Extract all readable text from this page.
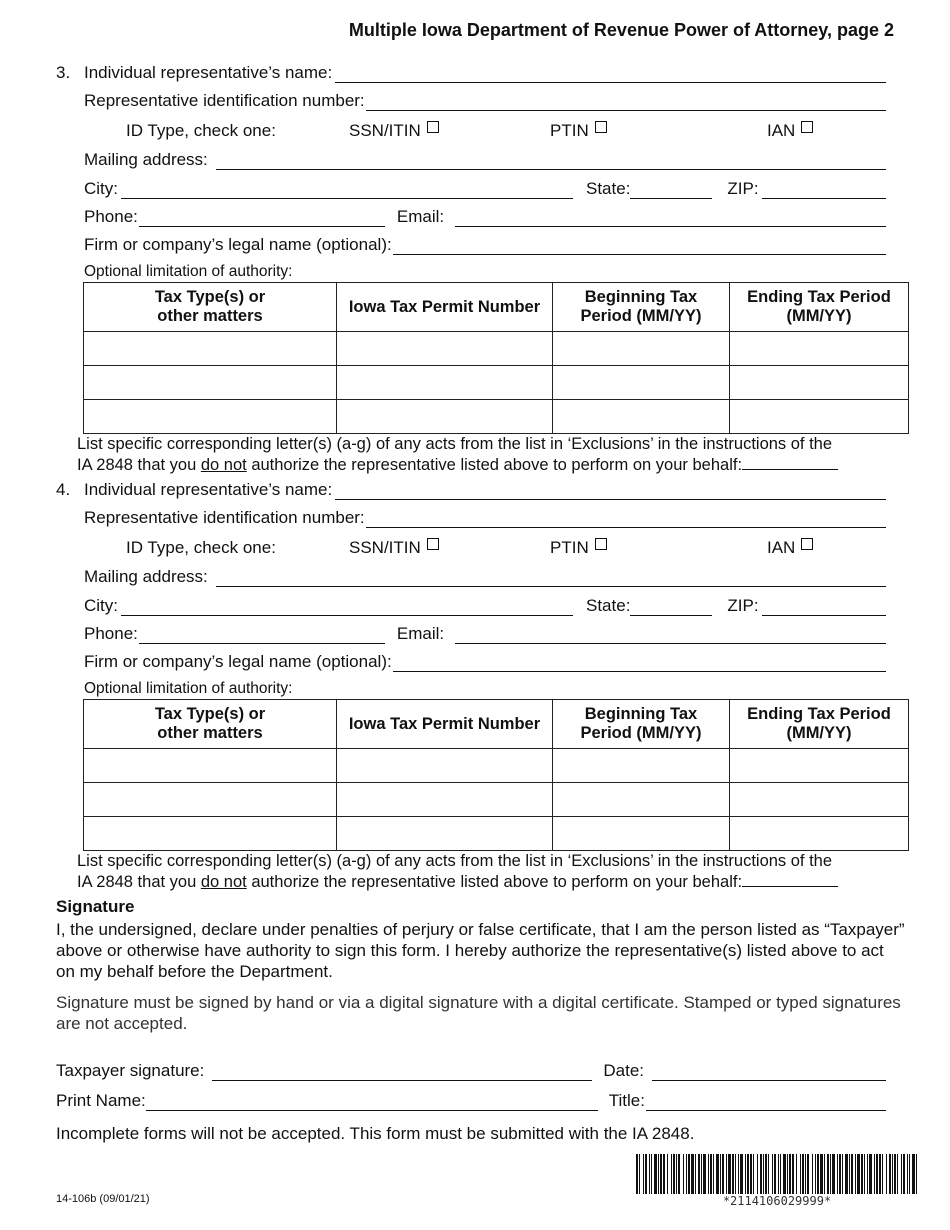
Multiple Iowa Department of Revenue Power of Attorney, page 2
3. Individual representative’s name:
Representative identification number:
ID Type, check one:	SSN/ITIN	PTIN	IAN
Mailing address:
City:	State:	ZIP:
Phone:	Email:
Firm or company’s legal name (optional):
Optional limitation of authority:
Tax Type(s) or other matters	Iowa Tax Permit Number	Beginning Tax Period (MM/YY)	Ending Tax Period (MM/YY)

List specific corresponding letter(s) (a-g) of any acts from the list in ‘Exclusions’ in the instructions of the
IA 2848 that you do not authorize the representative listed above to perform on your behalf:
4. Individual representative’s name:
Representative identification number:
ID Type, check one:	SSN/ITIN	PTIN	IAN
Mailing address:
City:	State:	ZIP:
Phone:	Email:
Firm or company’s legal name (optional):
Optional limitation of authority:
Tax Type(s) or other matters	Iowa Tax Permit Number	Beginning Tax Period (MM/YY)	Ending Tax Period (MM/YY)

List specific corresponding letter(s) (a-g) of any acts from the list in ‘Exclusions’ in the instructions of the
IA 2848 that you do not authorize the representative listed above to perform on your behalf:
Signature
I, the undersigned, declare under penalties of perjury or false certificate, that I am the person listed as “Taxpayer” above or otherwise have authority to sign this form. I hereby authorize the representative(s) listed above to act on my behalf before the Department.
Signature must be signed by hand or via a digital signature with a digital certificate. Stamped or typed signatures are not accepted.
Taxpayer signature:	Date:
Print Name:	Title:
Incomplete forms will not be accepted. This form must be submitted with the IA 2848.
14-106b (09/01/21)	*2114106029999*
